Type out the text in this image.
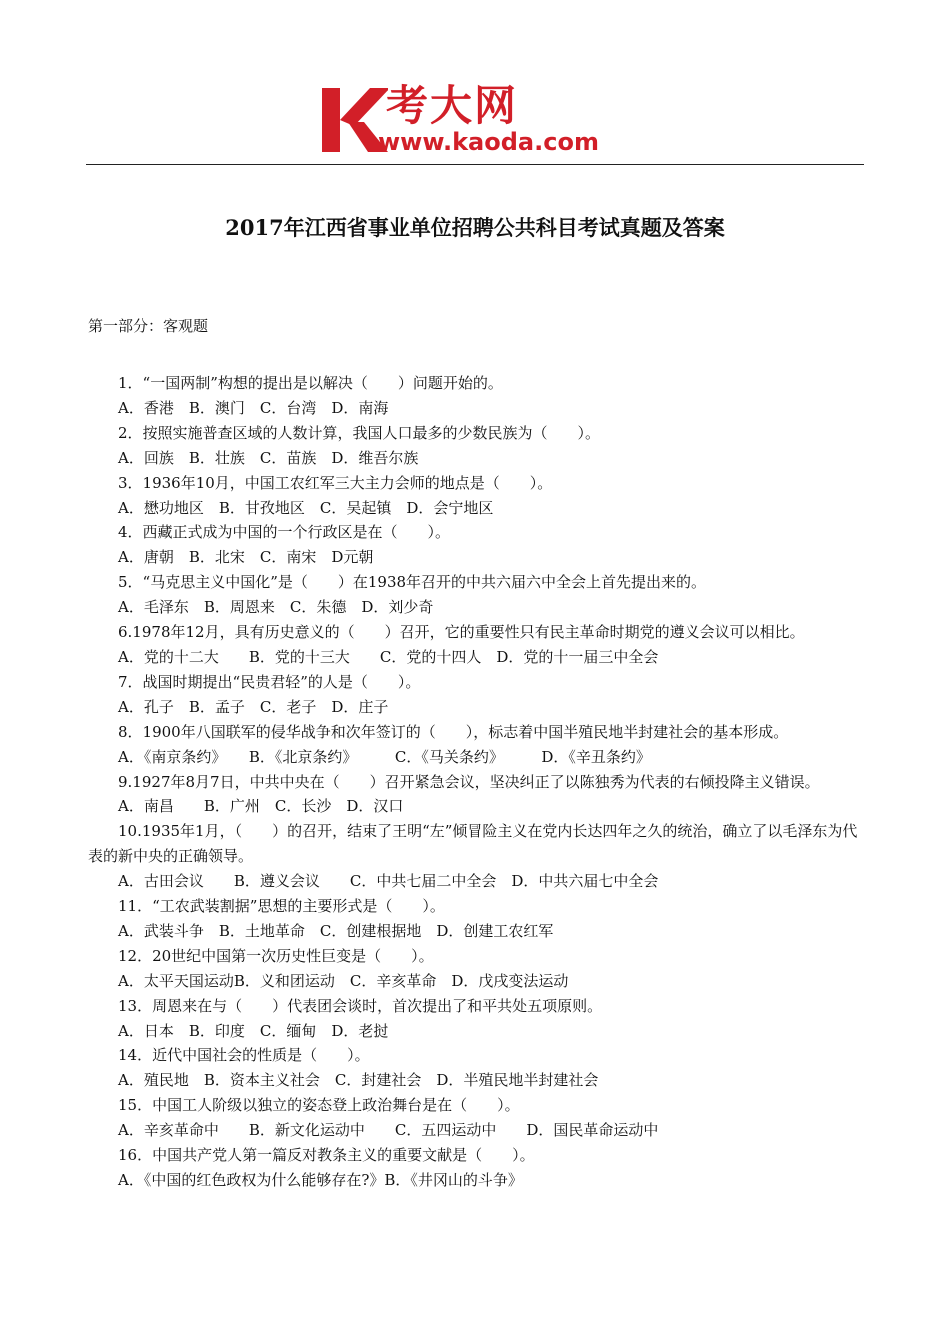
考大网
www.kaoda.com
2017年江西省事业单位招聘公共科目考试真题及答案
第一部分：客观题

1．“一国两制”构想的提出是以解决（　　）问题开始的。

A．香港　B．澳门　C．台湾　D．南海

2．按照实施普查区域的人数计算，我国人口最多的少数民族为（　　）。

A．回族　B．壮族　C．苗族　D．维吾尔族

3．1936年10月，中国工农红军三大主力会师的地点是（　　）。

A．懋功地区　B．甘孜地区　C．吴起镇　D．会宁地区

4．西藏正式成为中国的一个行政区是在（　　）。

A．唐朝　B．北宋　C．南宋　D元朝

5．“马克思主义中国化”是（　　）在1938年召开的中共六届六中全会上首先提出来的。

A．毛泽东　B．周恩来　C．朱德　D．刘少奇

6.1978年12月，具有历史意义的（　　）召开，它的重要性只有民主革命时期党的遵义会议可以相比。

A．党的十二大　　B．党的十三大　　C．党的十四人　D．党的十一届三中全会

7．战国时期提出“民贵君轻”的人是（　　）。

A．孔子　B．孟子　C．老子　D．庄子

8．1900年八国联军的侵华战争和次年签订的（　　），标志着中国半殖民地半封建社会的基本形成。

A．《南京条约》　　B．《北京条约》　　　C．《马关条约》　　　D．《辛丑条约》

9.1927年8月7日，中共中央在（　　）召开紧急会议，坚决纠正了以陈独秀为代表的右倾投降主义错误。

A．南昌　　B．广州　C．长沙　D．汉口

10.1935年1月，（　　）的召开，结束了王明“左”倾冒险主义在党内长达四年之久的统治，确立了以毛泽东为代表的新中央的正确领导。

A．古田会议　　B．遵义会议　　C．中共七届二中全会　D．中共六届七中全会

11．“工农武装割据”思想的主要形式是（　　）。

A．武装斗争　B．土地革命　C．创建根据地　D．创建工农红军

12．20世纪中国第一次历史性巨变是（　　）。

A．太平天国运动B．义和团运动　C．辛亥革命　D．戊戌变法运动

13．周恩来在与（　　）代表团会谈时，首次提出了和平共处五项原则。

A．日本　B．印度　C．缅甸　D．老挝

14．近代中国社会的性质是（　　）。

A．殖民地　B．资本主义社会　C．封建社会　D．半殖民地半封建社会

15．中国工人阶级以独立的姿态登上政治舞台是在（　　）。

A．辛亥革命中　　B．新文化运动中　　C．五四运动中　　D．国民革命运动中

16．中国共产党人第一篇反对教条主义的重要文献是（　　）。

A．《中国的红色政权为什么能够存在?》B．《井冈山的斗争》
